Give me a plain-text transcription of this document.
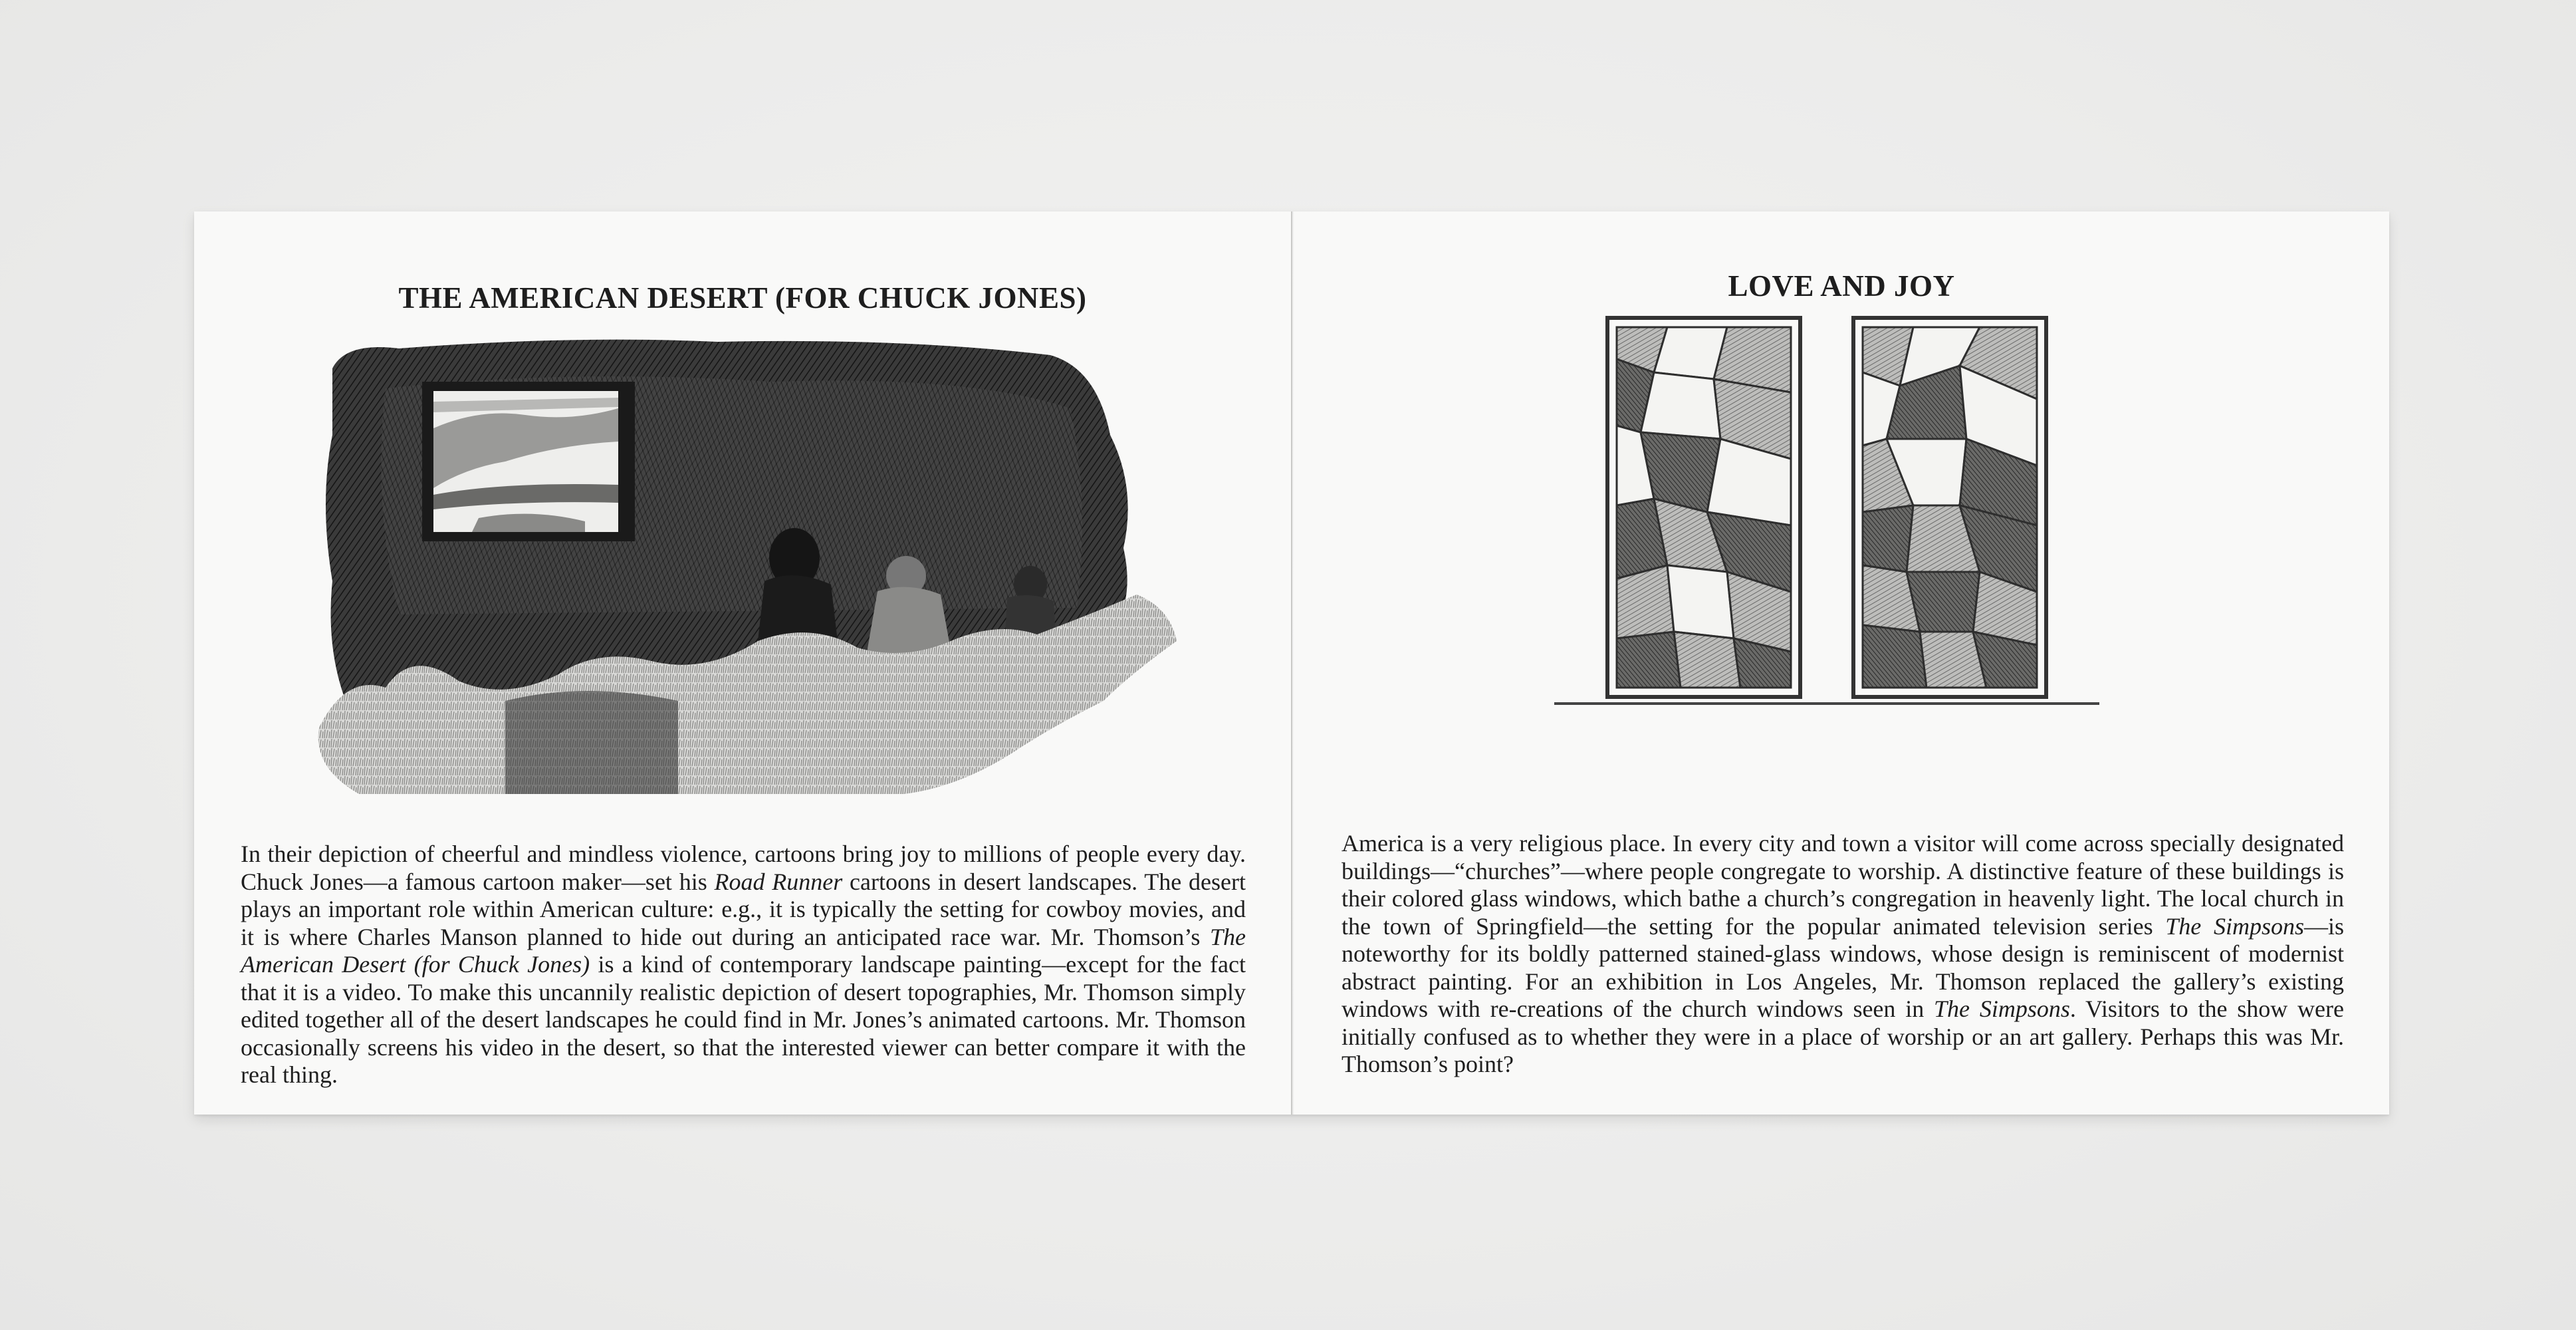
THE AMERICAN DESERT (FOR CHUCK JONES)

In their depiction of cheerful and mindless violence, cartoons bring joy to millions of people every day. Chuck Jones—a famous cartoon maker—set his Road Runner cartoons in desert landscapes. The desert plays an important role within American culture: e.g., it is typically the setting for cowboy movies, and it is where Charles Manson planned to hide out during an anticipated race war. Mr. Thomson’s The American Desert (for Chuck Jones) is a kind of contemporary landscape painting—except for the fact that it is a video. To make this uncannily realistic depiction of desert topographies, Mr. Thomson simply edited together all of the desert landscapes he could find in Mr. Jones’s animated cartoons. Mr. Thomson occasionally screens his video in the desert, so that the interested viewer can better compare it with the real thing.

LOVE AND JOY

America is a very religious place. In every city and town a visitor will come across specially designated buildings—“churches”—where people congregate to worship. A distinctive feature of these buildings is their colored glass windows, which bathe a church’s congregation in heavenly light. The local church in the town of Springfield—the setting for the popular animated television series The Simpsons—is noteworthy for its boldly patterned stained-glass windows, whose design is reminiscent of modernist abstract painting. For an exhibition in Los Angeles, Mr. Thomson replaced the gallery’s existing windows with re-creations of the church windows seen in The Simpsons. Visitors to the show were initially confused as to whether they were in a place of worship or an art gallery. Perhaps this was Mr. Thomson’s point?
